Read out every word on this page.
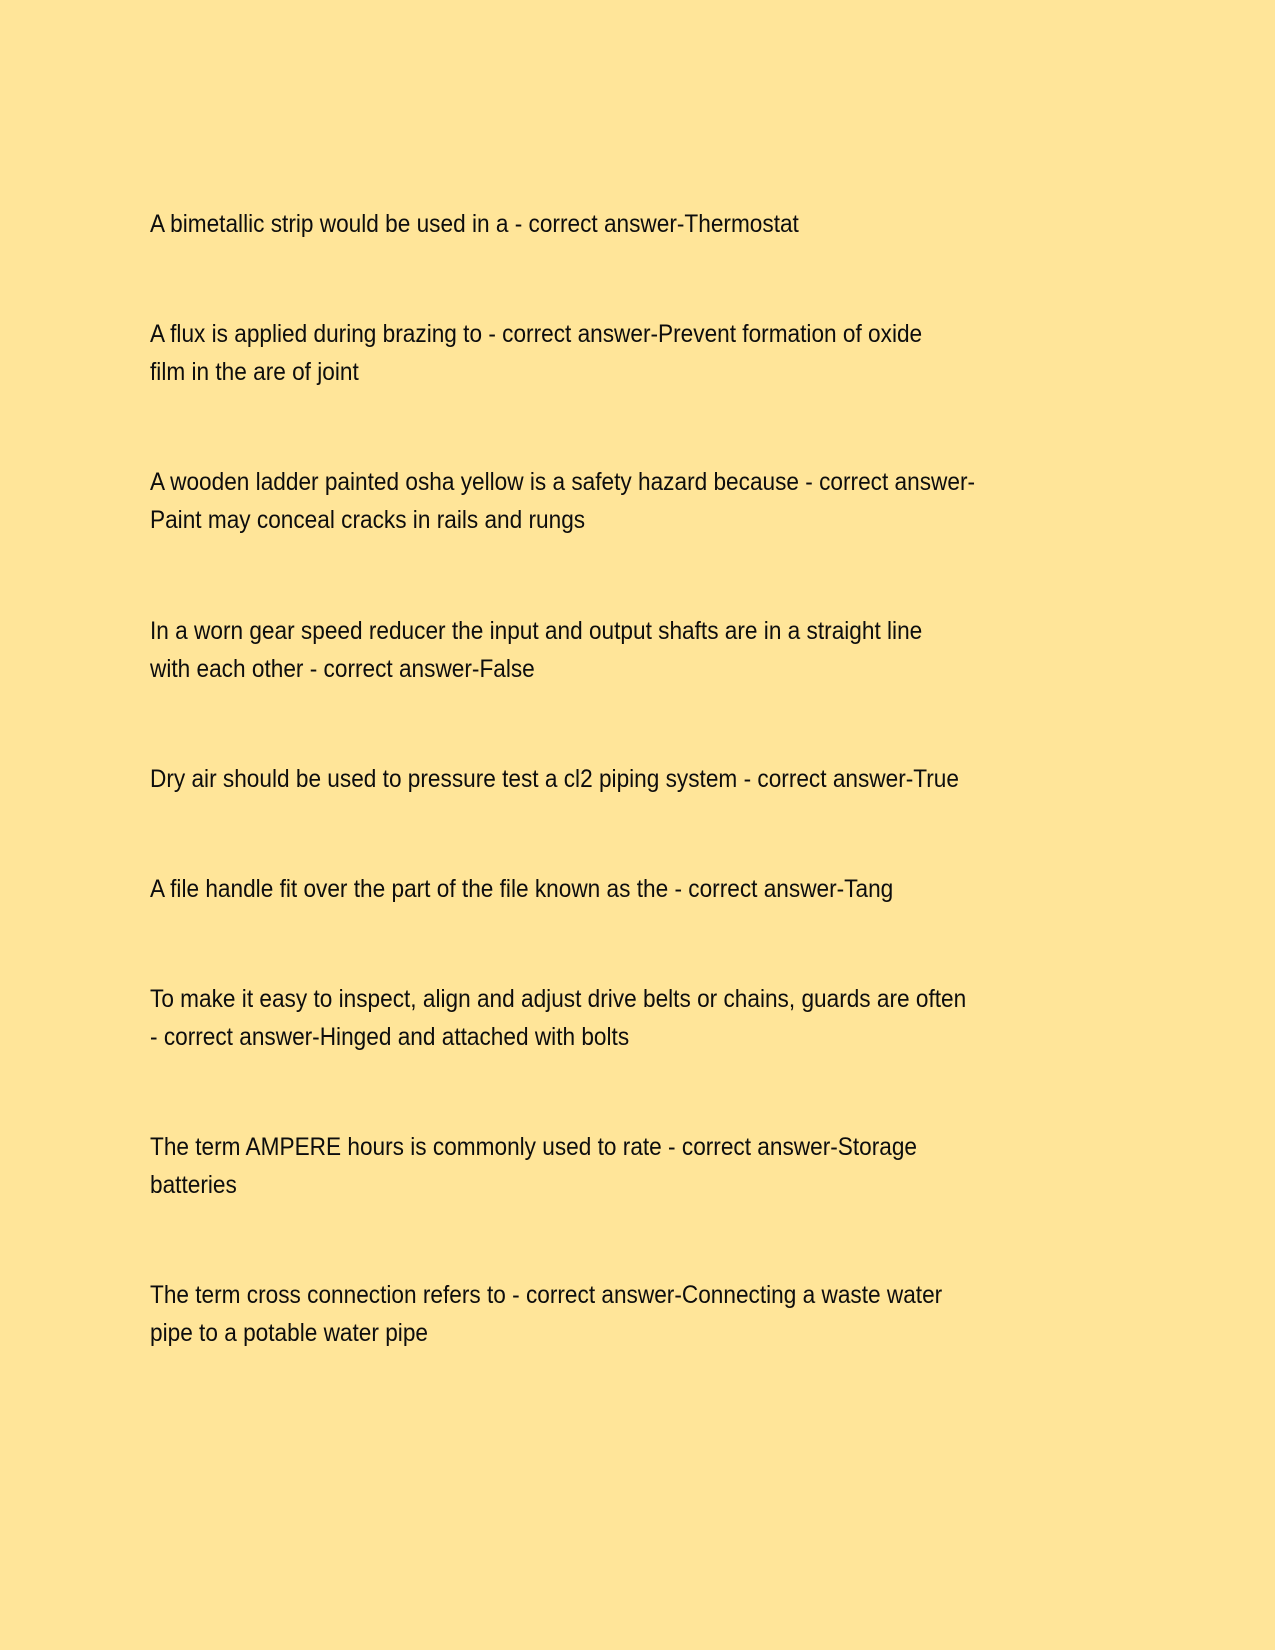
A bimetallic strip would be used in a - correct answer-Thermostat

A flux is applied during brazing to - correct answer-Prevent formation of oxide
film in the are of joint

A wooden ladder painted osha yellow is a safety hazard because - correct answer-
Paint may conceal cracks in rails and rungs

In a worn gear speed reducer the input and output shafts are in a straight line
with each other - correct answer-False

Dry air should be used to pressure test a cl2 piping system - correct answer-True

A file handle fit over the part of the file known as the - correct answer-Tang

To make it easy to inspect, align and adjust drive belts or chains, guards are often
- correct answer-Hinged and attached with bolts

The term AMPERE hours is commonly used to rate - correct answer-Storage
batteries

The term cross connection refers to - correct answer-Connecting a waste water
pipe to a potable water pipe
